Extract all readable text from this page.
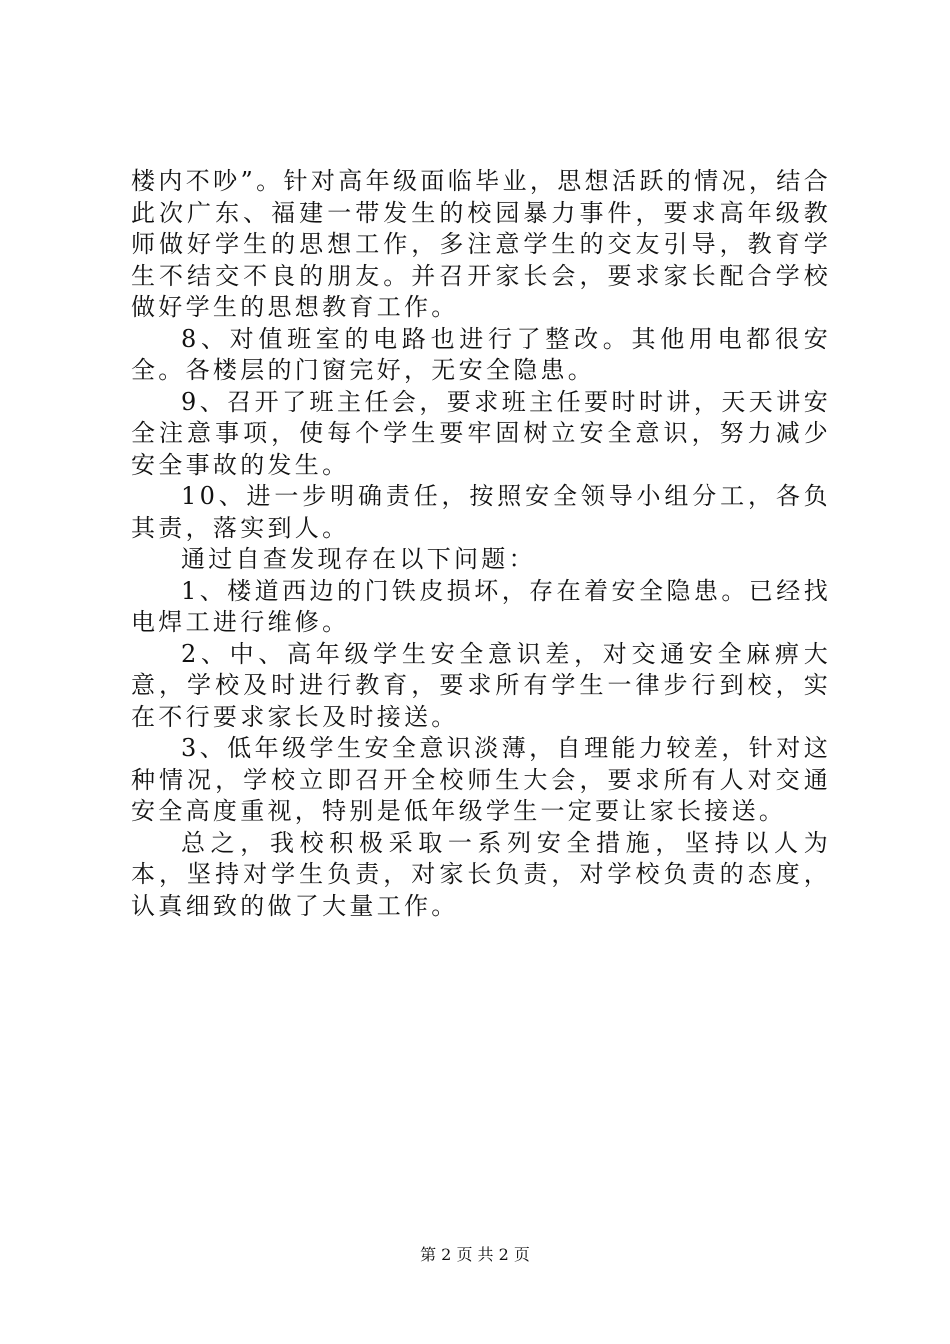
楼内不吵”。针对高年级面临毕业，思想活跃的情况，结合此次广东、福建一带发生的校园暴力事件，要求高年级教师做好学生的思想工作，多注意学生的交友引导，教育学生不结交不良的朋友。并召开家长会，要求家长配合学校做好学生的思想教育工作。

8、对值班室的电路也进行了整改。其他用电都很安全。各楼层的门窗完好，无安全隐患。

9、召开了班主任会，要求班主任要时时讲，天天讲安全注意事项，使每个学生要牢固树立安全意识，努力减少安全事故的发生。

10、进一步明确责任，按照安全领导小组分工，各负其责，落实到人。

通过自查发现存在以下问题：

1、楼道西边的门铁皮损坏，存在着安全隐患。已经找电焊工进行维修。

2、中、高年级学生安全意识差，对交通安全麻痹大意，学校及时进行教育，要求所有学生一律步行到校，实在不行要求家长及时接送。

3、低年级学生安全意识淡薄，自理能力较差，针对这种情况，学校立即召开全校师生大会，要求所有人对交通安全高度重视，特别是低年级学生一定要让家长接送。

总之，我校积极采取一系列安全措施，坚持以人为本，坚持对学生负责，对家长负责，对学校负责的态度，认真细致的做了大量工作。

第 2 页 共 2 页
